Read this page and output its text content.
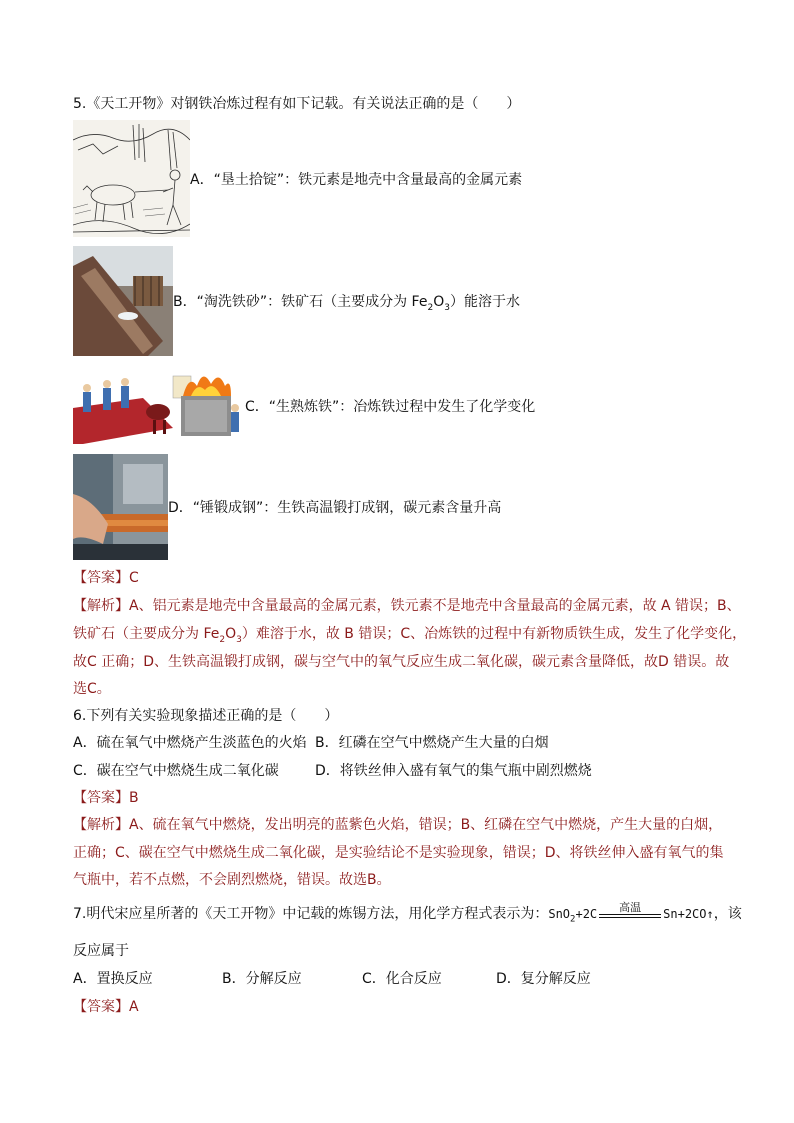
5.《天工开物》对钢铁冶炼过程有如下记载。有关说法正确的是（　　）
A．“垦土拾锭”：铁元素是地壳中含量最高的金属元素
B．“淘洗铁砂”：铁矿石（主要成分为 $Fe_2O_3$）能溶于水
C．“生熟炼铁”：冶炼铁过程中发生了化学变化
D．“锤锻成钢”：生铁高温锻打成钢，碳元素含量升高
【答案】C
【解析】A、铝元素是地壳中含量最高的金属元素，铁元素不是地壳中含量最高的金属元素，故 A 错误；B、
铁矿石（主要成分为 $Fe_2O_3$）难溶于水，故 B 错误；C、冶炼铁的过程中有新物质铁生成，发生了化学变化，
故C 正确；D、生铁高温锻打成钢，碳与空气中的氧气反应生成二氧化碳，碳元素含量降低，故D 错误。故
选C。
6.下列有关实验现象描述正确的是（　　）
A．硫在氧气中燃烧产生淡蓝色的火焰 B．红磷在空气中燃烧产生大量的白烟
C．碳在空气中燃烧生成二氧化碳	D．将铁丝伸入盛有氧气的集气瓶中剧烈燃烧
【答案】B
【解析】A、硫在氧气中燃烧，发出明亮的蓝紫色火焰，错误；B、红磷在空气中燃烧，产生大量的白烟，
正确；C、碳在空气中燃烧生成二氧化碳，是实验结论不是实验现象，错误；D、将铁丝伸入盛有氧气的集
气瓶中，若不点燃，不会剧烈燃烧，错误。故选B。
7.明代宋应星所著的《天工开物》中记载的炼锡方法，用化学方程式表示为：SnO$_2$+2C	高温	Sn+2CO↑，该
反应属于
A．置换反应	B．分解反应	C．化合反应	D．复分解反应
【答案】A
